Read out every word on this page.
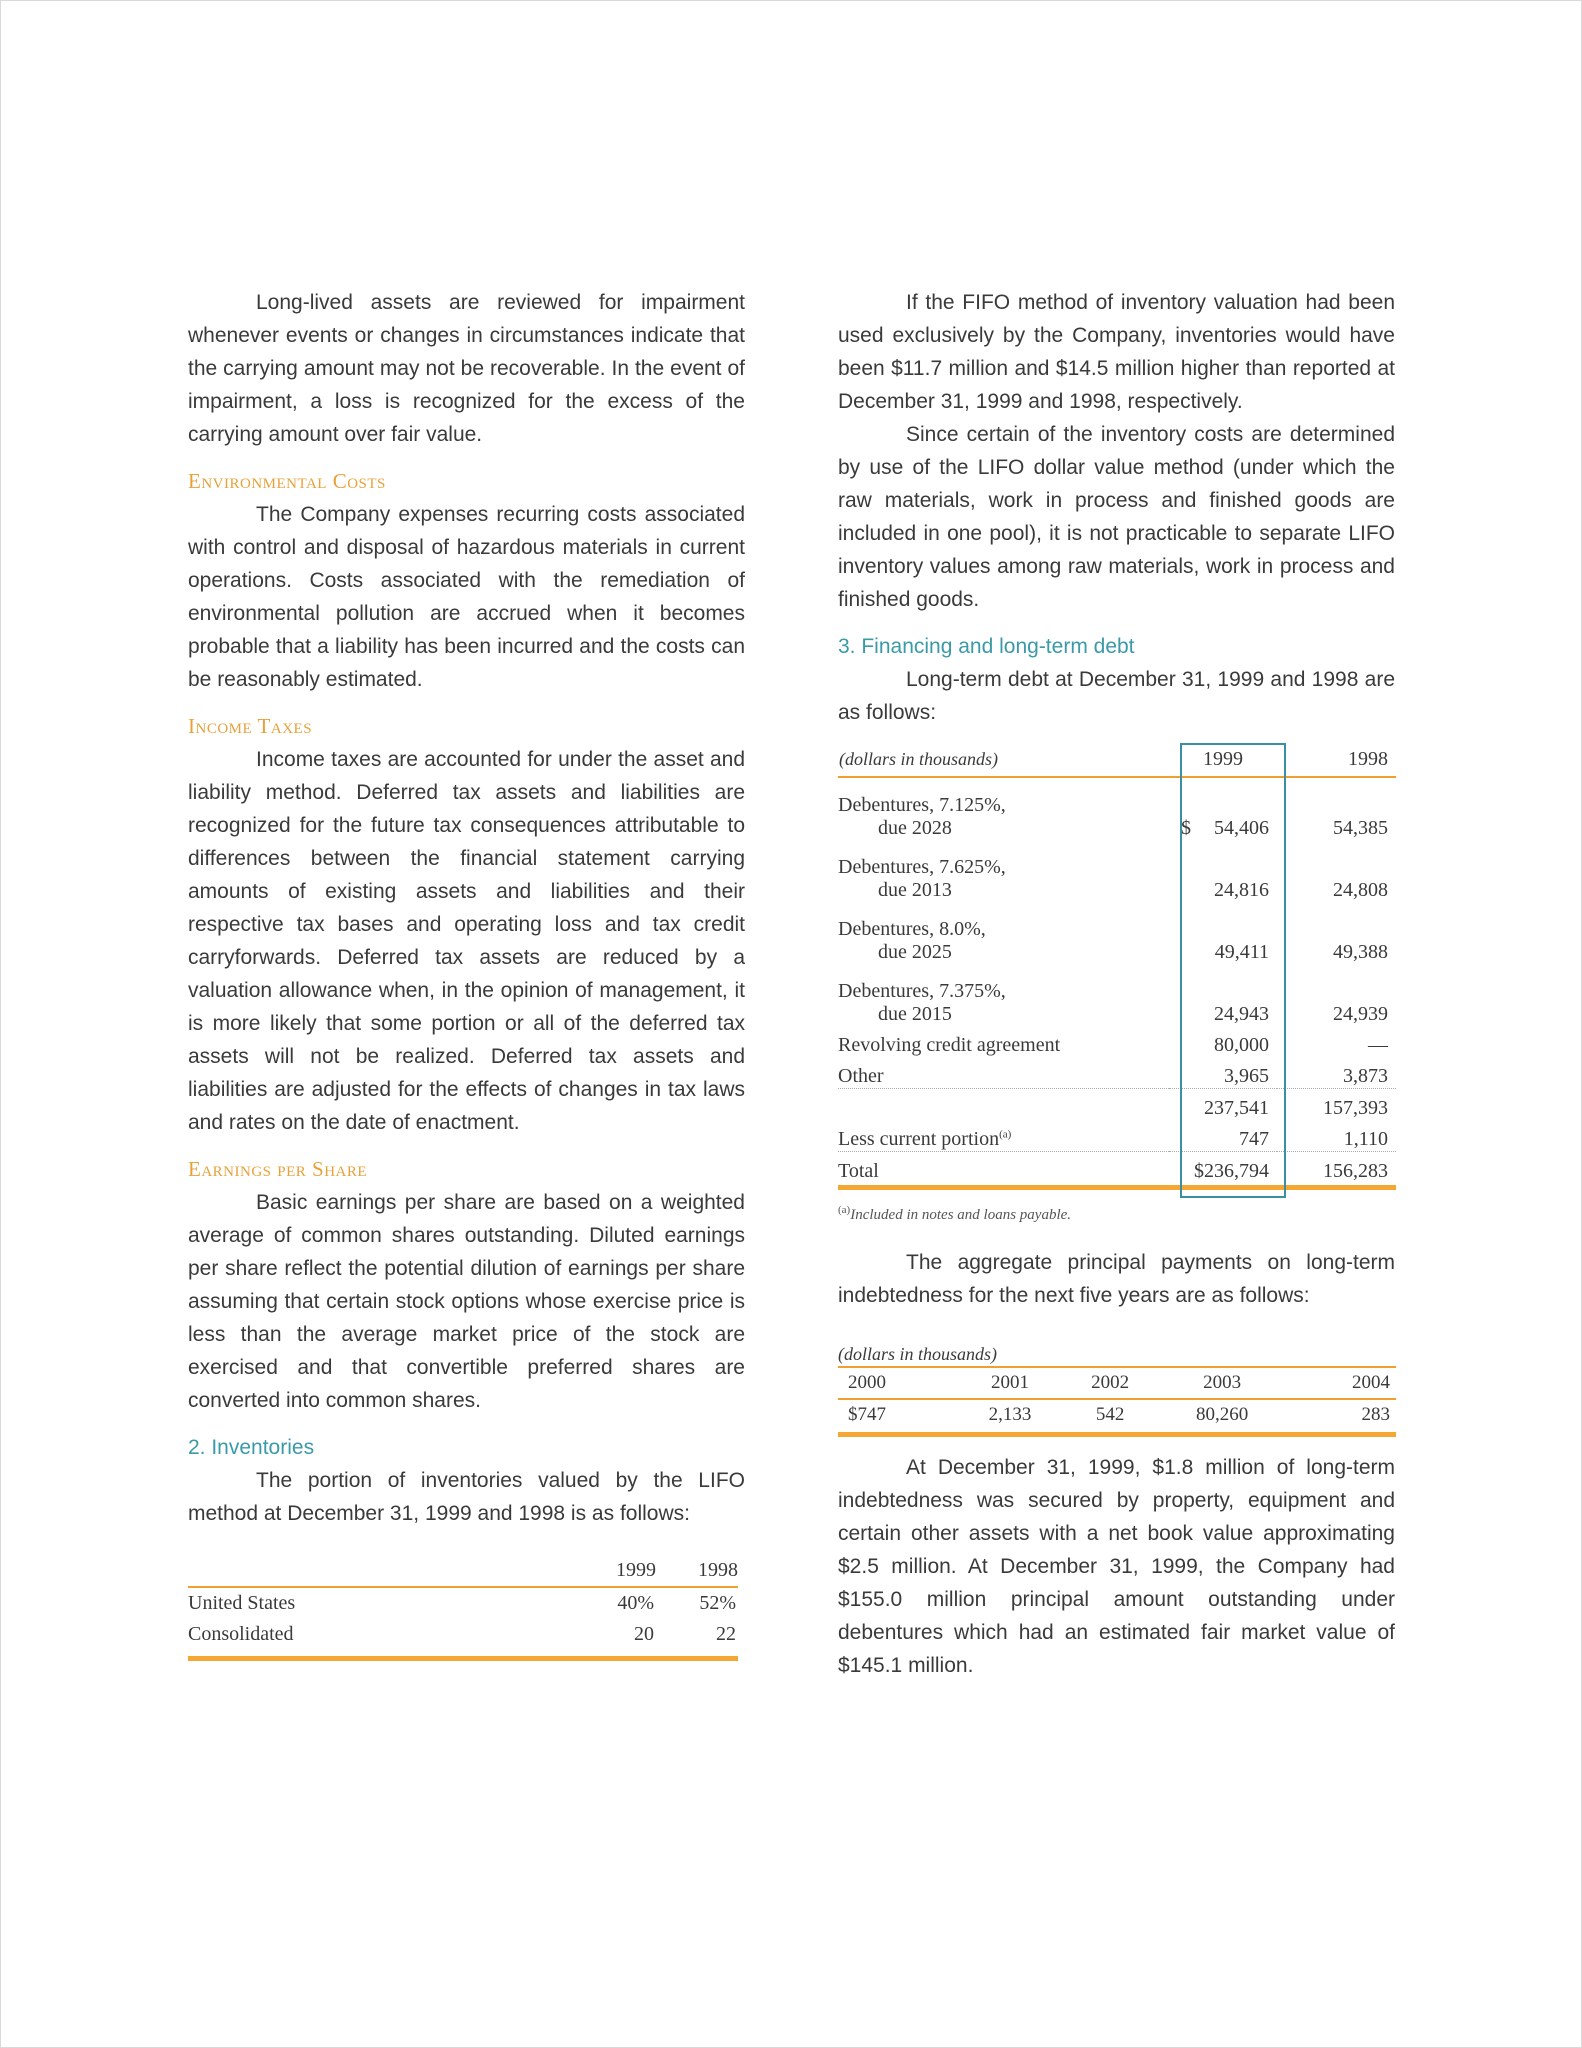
Long-lived assets are reviewed for impairment whenever events or changes in circumstances indicate that the carrying amount may not be recoverable. In the event of impairment, a loss is recognized for the excess of the carrying amount over fair value.

Environmental Costs

The Company expenses recurring costs associated with control and disposal of hazardous materials in current operations. Costs associated with the remediation of environmental pollution are accrued when it becomes probable that a liability has been incurred and the costs can be reasonably estimated.

Income Taxes

Income taxes are accounted for under the asset and liability method. Deferred tax assets and liabilities are recognized for the future tax consequences attributable to differences between the financial statement carrying amounts of existing assets and liabilities and their respective tax bases and operating loss and tax credit carryforwards. Deferred tax assets are reduced by a valuation allowance when, in the opinion of management, it is more likely that some portion or all of the deferred tax assets will not be realized. Deferred tax assets and liabilities are adjusted for the effects of changes in tax laws and rates on the date of enactment.

Earnings per Share

Basic earnings per share are based on a weighted average of common shares outstanding. Diluted earnings per share reflect the potential dilution of earnings per share assuming that certain stock options whose exercise price is less than the average market price of the stock are exercised and that convertible preferred shares are converted into common shares.

2. Inventories

The portion of inventories valued by the LIFO method at December 31, 1999 and 1998 is as follows:

	1999	1998
United States	40%	52%
Consolidated	20	22

If the FIFO method of inventory valuation had been used exclusively by the Company, inventories would have been $11.7 million and $14.5 million higher than reported at December 31, 1999 and 1998, respectively.

Since certain of the inventory costs are determined by use of the LIFO dollar value method (under which the raw materials, work in process and finished goods are included in one pool), it is not practicable to separate LIFO inventory values among raw materials, work in process and finished goods.

3. Financing and long-term debt

Long-term debt at December 31, 1999 and 1998 are as follows:

(dollars in thousands)	1999	1998
Debentures, 7.125%,
due 2028	$ 54,406	54,385
Debentures, 7.625%,
due 2013	24,816	24,808
Debentures, 8.0%,
due 2025	49,411	49,388
Debentures, 7.375%,
due 2015	24,943	24,939
Revolving credit agreement	80,000	—
Other	3,965	3,873
	237,541	157,393
Less current portion$^{(a)}$	747	1,110
Total	$236,794	156,283

$^{(a)}$Included in notes and loans payable.

The aggregate principal payments on long-term indebtedness for the next five years are as follows:

(dollars in thousands)
2000	2001	2002	2003	2004
$747	2,133	542	80,260	283

At December 31, 1999, $1.8 million of long-term indebtedness was secured by property, equipment and certain other assets with a net book value approximating $2.5 million. At December 31, 1999, the Company had $155.0 million principal amount outstanding under debentures which had an estimated fair market value of $145.1 million.
